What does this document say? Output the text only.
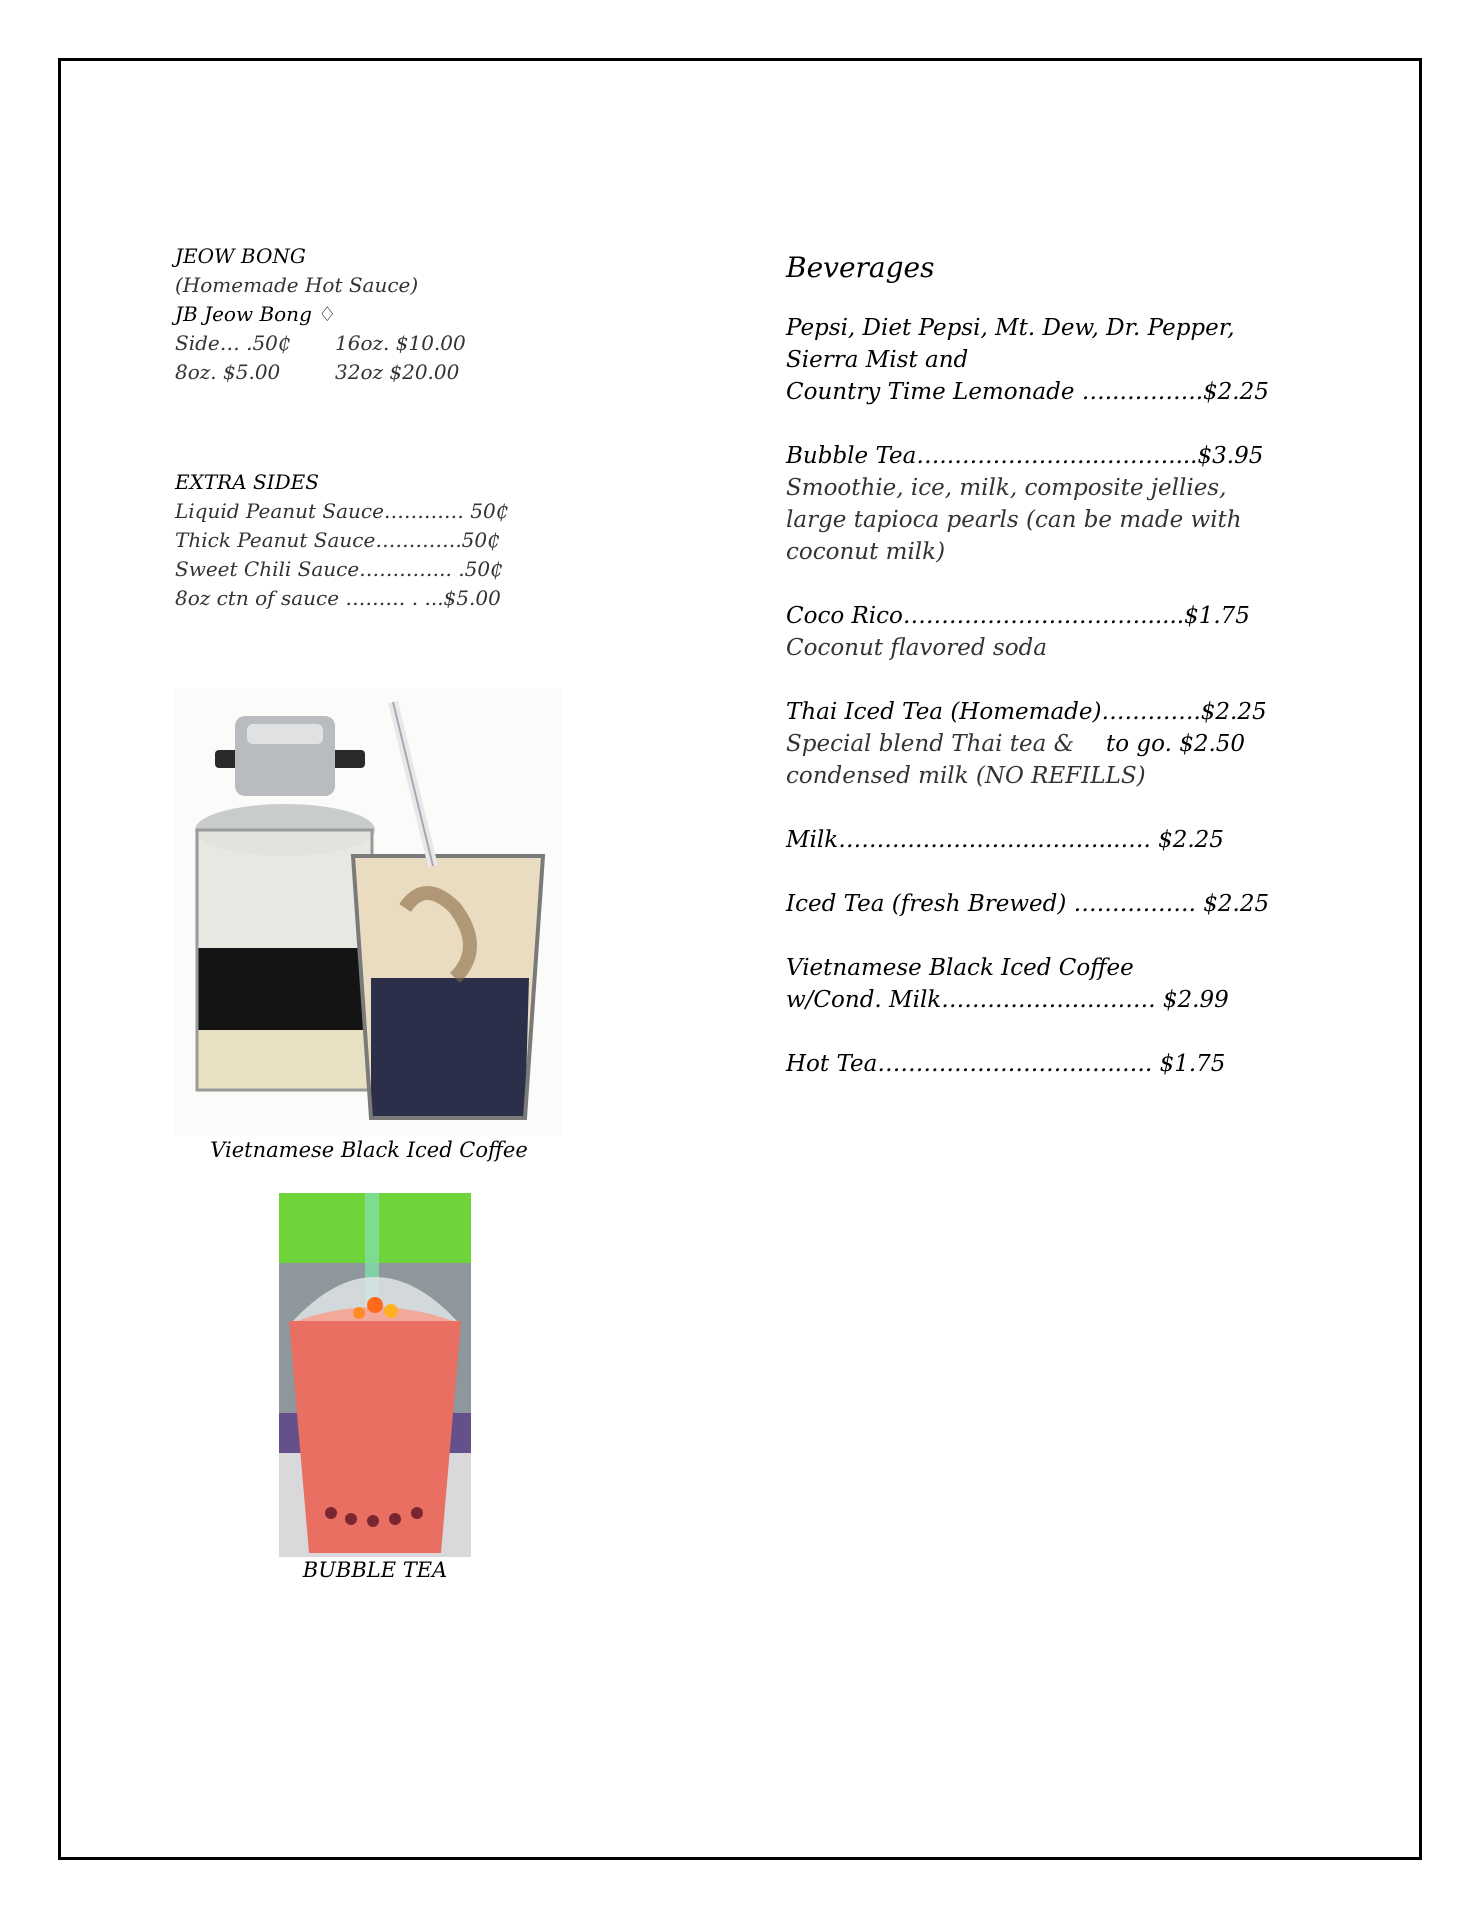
JEOW BONG
(Homemade Hot Sauce)
JB Jeow Bong ♢
Side… .50₵	16oz. $10.00
8oz. $5.00	32oz $20.00
EXTRA SIDES
Liquid Peanut Sauce………… 50₵
Thick Peanut Sauce………….50₵
Sweet Chili Sauce………….. .50₵
8oz ctn of sauce ……… . ...$5.00
Vietnamese Black Iced Coffee
BUBBLE TEA
Beverages
Pepsi, Diet Pepsi, Mt. Dew, Dr. Pepper,
Sierra Mist and
Country Time Lemonade …..………..$2.25
Bubble Tea….………………..………....$3.95
Smoothie, ice, milk, composite jellies,
large tapioca pearls (can be made with
coconut milk)
Coco Rico………………….………......$1.75
Coconut flavored soda
Thai Iced Tea (Homemade)………….$2.25
Special blend Thai tea &	to go. $2.50
condensed milk (NO REFILLS)
Milk…………………….………...…. $2.25
Iced Tea (fresh Brewed) ……………. $2.25
Vietnamese Black Iced Coffee
w/Cond. Milk………………………. $2.99
Hot Tea…………………………..…. $1.75
